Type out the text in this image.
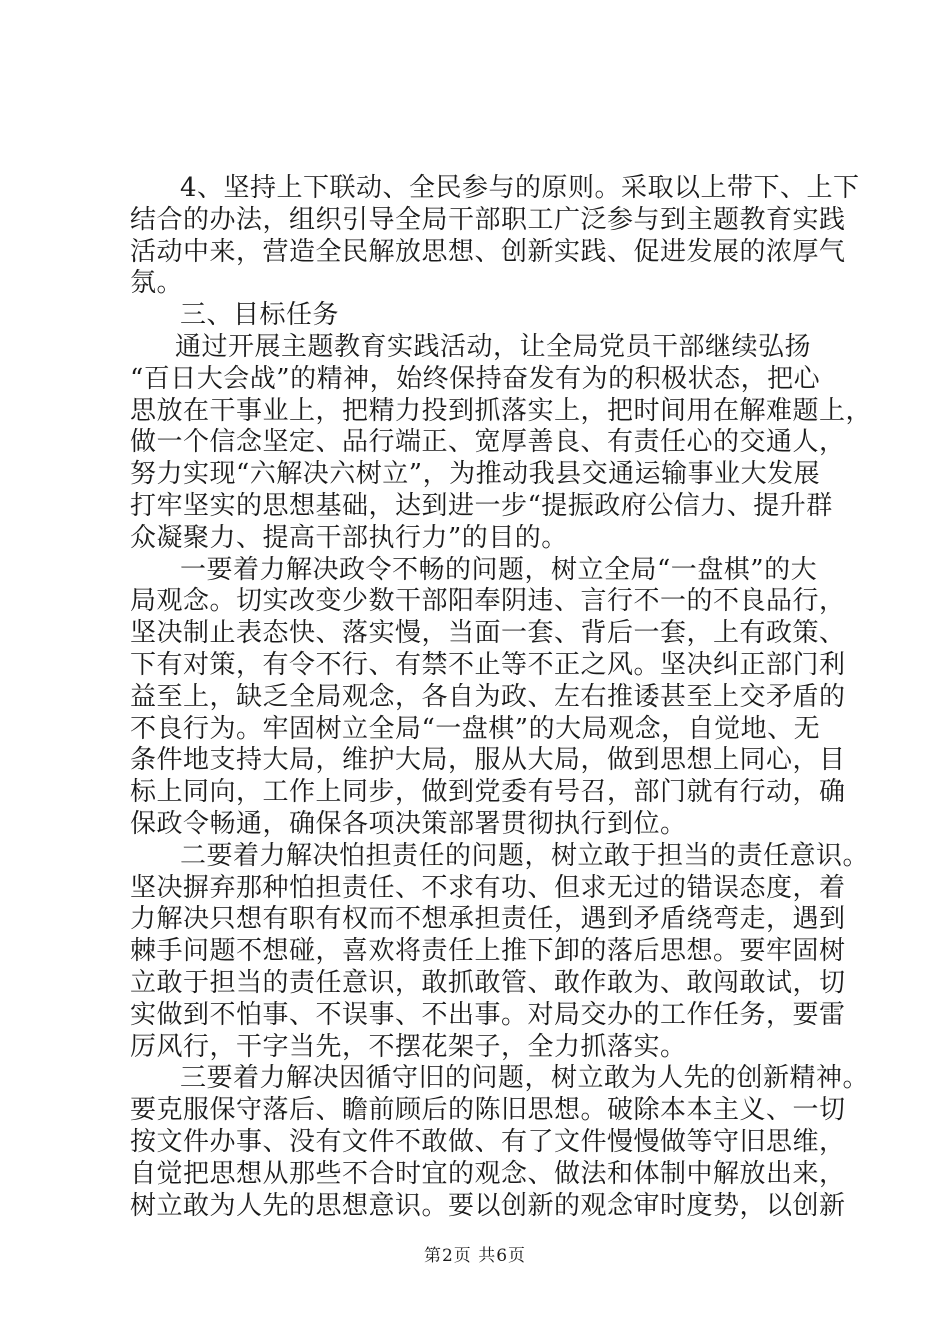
4、坚持上下联动、全民参与的原则。采取以上带下、上下
结合的办法，组织引导全局干部职工广泛参与到主题教育实践
活动中来，营造全民解放思想、创新实践、促进发展的浓厚气
氛。
三、目标任务
通过开展主题教育实践活动，让全局党员干部继续弘扬
“百日大会战”的精神，始终保持奋发有为的积极状态，把心
思放在干事业上，把精力投到抓落实上，把时间用在解难题上，
做一个信念坚定、品行端正、宽厚善良、有责任心的交通人，
努力实现“六解决六树立”，为推动我县交通运输事业大发展
打牢坚实的思想基础，达到进一步“提振政府公信力、提升群
众凝聚力、提高干部执行力”的目的。
一要着力解决政令不畅的问题，树立全局“一盘棋”的大
局观念。切实改变少数干部阳奉阴违、言行不一的不良品行，
坚决制止表态快、落实慢，当面一套、背后一套，上有政策、
下有对策，有令不行、有禁不止等不正之风。坚决纠正部门利
益至上，缺乏全局观念，各自为政、左右推诿甚至上交矛盾的
不良行为。牢固树立全局“一盘棋”的大局观念，自觉地、无
条件地支持大局，维护大局，服从大局，做到思想上同心，目
标上同向，工作上同步，做到党委有号召，部门就有行动，确
保政令畅通，确保各项决策部署贯彻执行到位。
二要着力解决怕担责任的问题，树立敢于担当的责任意识。
坚决摒弃那种怕担责任、不求有功、但求无过的错误态度，着
力解决只想有职有权而不想承担责任，遇到矛盾绕弯走，遇到
棘手问题不想碰，喜欢将责任上推下卸的落后思想。要牢固树
立敢于担当的责任意识，敢抓敢管、敢作敢为、敢闯敢试，切
实做到不怕事、不误事、不出事。对局交办的工作任务，要雷
厉风行，干字当先，不摆花架子，全力抓落实。
三要着力解决因循守旧的问题，树立敢为人先的创新精神。
要克服保守落后、瞻前顾后的陈旧思想。破除本本主义、一切
按文件办事、没有文件不敢做、有了文件慢慢做等守旧思维，
自觉把思想从那些不合时宜的观念、做法和体制中解放出来，
树立敢为人先的思想意识。要以创新的观念审时度势，以创新
第2页 共6页
